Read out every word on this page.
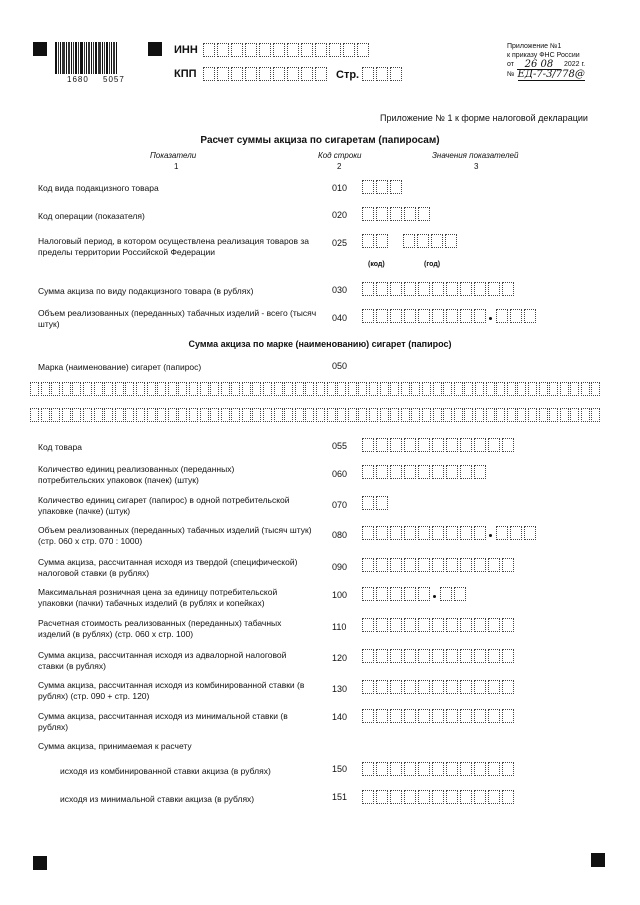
1680 5057
ИНН
КПП	Стр.
Приложение №1
к приказу ФНС России
от	26 08	2022 г.
№ ЕД-7-3/778@
Приложение № 1 к форме налоговой декларации
Расчет суммы акциза по сигаретам (папиросам)
Показатели	Код строки	Значения показателей
1	2	3
Код вида подакцизного товара	010
Код операции (показателя)	020
Налоговый период, в котором осуществлена реализация товаров за пределы территории Российской Федерации
025
(код)	(год)
Сумма акциза по виду подакцизного товара (в рублях)	030
Объем реализованных (переданных) табачных изделий - всего (тысяч штук)
040
Сумма акциза по марке (наименованию) сигарет (папирос)
Марка (наименование) сигарет (папирос)	050
Код товара	055
Количество единиц реализованных (переданных) потребительских упаковок (пачек) (штук)
060
Количество единиц сигарет (папирос) в одной потребительской упаковке (пачке) (штук)
070
Объем реализованных (переданных) табачных изделий (тысяч штук) (стр. 060 х стр. 070 : 1000)
080
Сумма акциза, рассчитанная исходя из твердой (специфической) налоговой ставки (в рублях)
090
Максимальная розничная цена за единицу потребительской упаковки (пачки) табачных изделий (в рублях и копейках)
100
Расчетная стоимость реализованных (переданных) табачных изделий (в рублях) (стр. 060 х стр. 100)
110
Сумма акциза, рассчитанная исходя из адвалорной налоговой ставки (в рублях)
120
Сумма акциза, рассчитанная исходя из комбинированной ставки (в рублях) (стр. 090 + стр. 120)
130
Сумма акциза, рассчитанная исходя из минимальной ставки (в рублях)
140
Сумма акциза, принимаемая к расчету
исходя из комбинированной ставки акциза (в рублях)	150
исходя из минимальной ставки акциза (в рублях)	151
